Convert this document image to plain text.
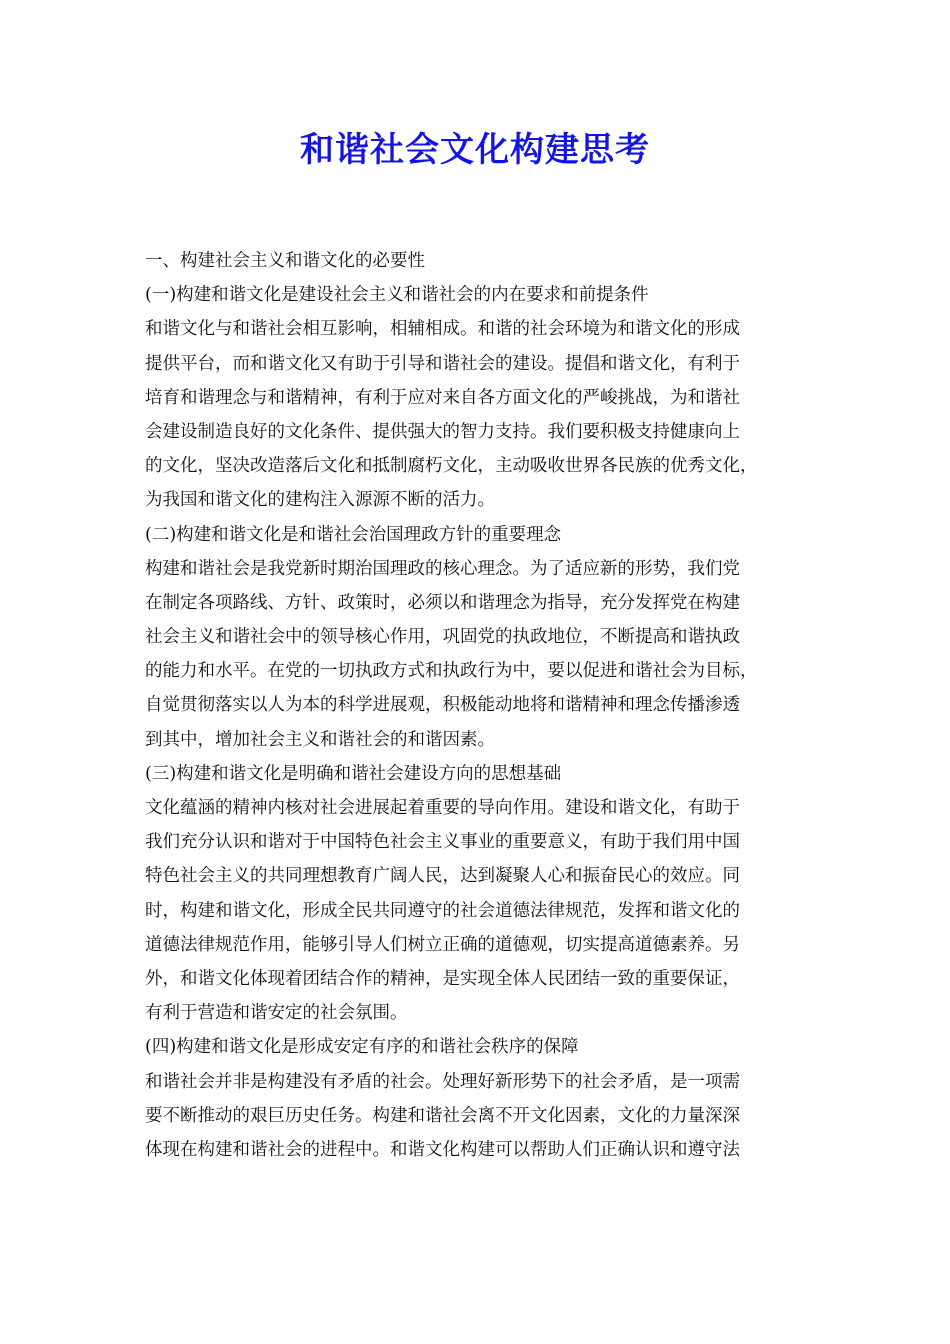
和谐社会文化构建思考
一、构建社会主义和谐文化的必要性
(一)构建和谐文化是建设社会主义和谐社会的内在要求和前提条件
和谐文化与和谐社会相互影响，相辅相成。和谐的社会环境为和谐文化的形成
提供平台，而和谐文化又有助于引导和谐社会的建设。提倡和谐文化，有利于
培育和谐理念与和谐精神，有利于应对来自各方面文化的严峻挑战，为和谐社
会建设制造良好的文化条件、提供强大的智力支持。我们要积极支持健康向上
的文化，坚决改造落后文化和抵制腐朽文化，主动吸收世界各民族的优秀文化，
为我国和谐文化的建构注入源源不断的活力。
(二)构建和谐文化是和谐社会治国理政方针的重要理念
构建和谐社会是我党新时期治国理政的核心理念。为了适应新的形势，我们党
在制定各项路线、方针、政策时，必须以和谐理念为指导，充分发挥党在构建
社会主义和谐社会中的领导核心作用，巩固党的执政地位，不断提高和谐执政
的能力和水平。在党的一切执政方式和执政行为中，要以促进和谐社会为目标，
自觉贯彻落实以人为本的科学进展观，积极能动地将和谐精神和理念传播渗透
到其中，增加社会主义和谐社会的和谐因素。
(三)构建和谐文化是明确和谐社会建设方向的思想基础
文化蕴涵的精神内核对社会进展起着重要的导向作用。建设和谐文化，有助于
我们充分认识和谐对于中国特色社会主义事业的重要意义，有助于我们用中国
特色社会主义的共同理想教育广阔人民，达到凝聚人心和振奋民心的效应。同
时，构建和谐文化，形成全民共同遵守的社会道德法律规范，发挥和谐文化的
道德法律规范作用，能够引导人们树立正确的道德观，切实提高道德素养。另
外，和谐文化体现着团结合作的精神，是实现全体人民团结一致的重要保证，
有利于营造和谐安定的社会氛围。
(四)构建和谐文化是形成安定有序的和谐社会秩序的保障
和谐社会并非是构建没有矛盾的社会。处理好新形势下的社会矛盾，是一项需
要不断推动的艰巨历史任务。构建和谐社会离不开文化因素，文化的力量深深
体现在构建和谐社会的进程中。和谐文化构建可以帮助人们正确认识和遵守法
